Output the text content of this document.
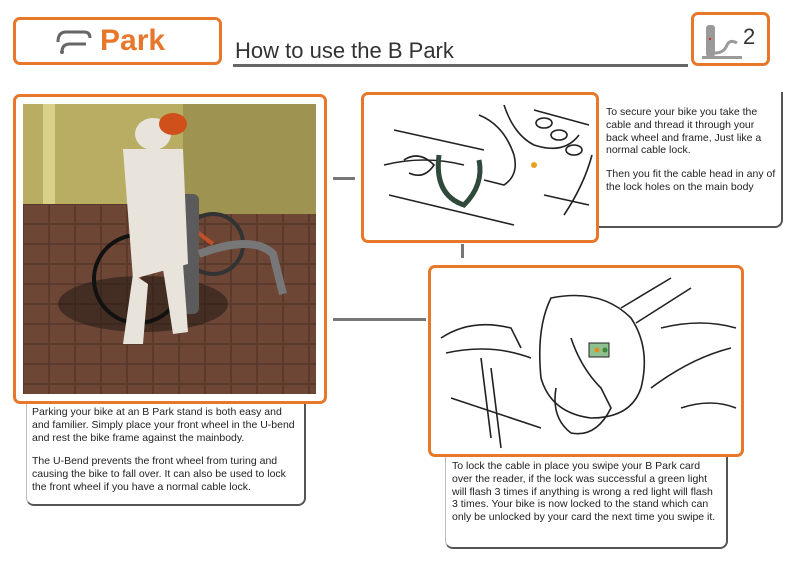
Park	How to use the B Park
2

Parking your bike at an B Park stand is both easy and and familier. Simply place your front wheel in the U-bend and rest the bike frame against the mainbody.

The U-Bend prevents the front wheel from turing and causing the bike to fall over. It can also be used to lock the front wheel if you have a normal cable lock.

To secure your bike you take the cable and thread it through your back wheel and frame, Just like a normal cable lock.

Then you fit the cable head in any of the lock holes on the main body

To lock the cable in place you swipe your B Park card over the reader, if the lock was successful a green light will flash 3 times if anything is wrong a red light will flash 3 times. Your bike is now locked to the stand which can only be unlocked by your card the next time you swipe it.
